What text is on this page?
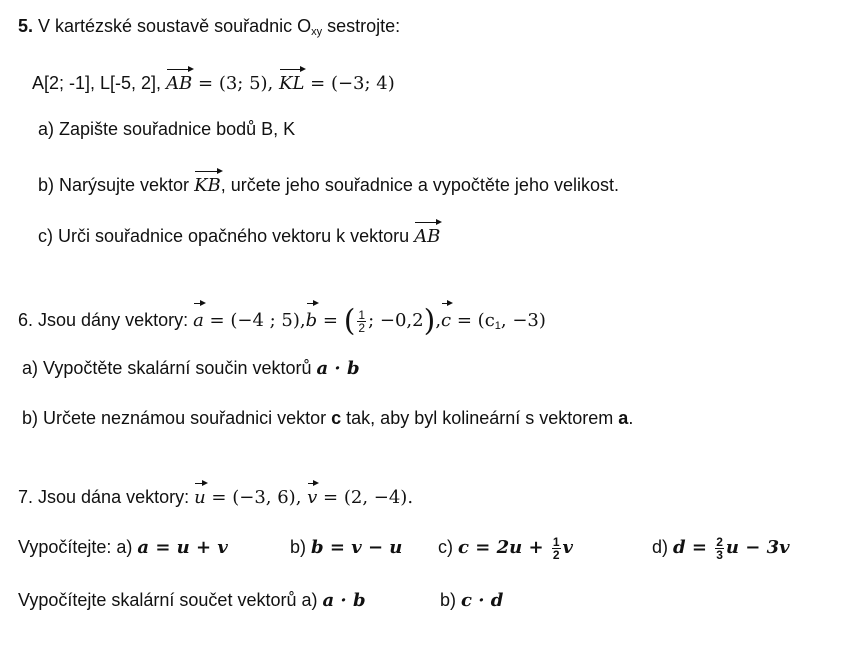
5. V kartézské soustavě souřadnic $O_{xy}$ sestrojte:
A[2; -1], L[-5, 2], AB = (3; 5), KL = (−3; 4)
a) Zapište souřadnice bodů B, K
b) Narýsujte vektor KB, určete jeho souřadnice a vypočtěte jeho velikost.
c) Urči souřadnice opačného vektoru k vektoru AB
6. Jsou dány vektory: a = (−4 ; 5),b = ( $\frac{1}{2}$ ; $-0,2),c = (c_1$, −3)
a) Vypočtěte skalární součin vektorů a · b
b) Určete neznámou souřadnici vektor c tak, aby byl kolineární s vektorem a.
7. Jsou dána vektory: u = (−3, 6), v = (2, −4).
Vypočítejte: a) a = u + v	b) b = v − u c) $c = 2u + \frac{1}{2}$ v	d) $d = \frac{2}{3}$ u − 3v
Vypočítejte skalární součet vektorů a) a · b	b) c · d
